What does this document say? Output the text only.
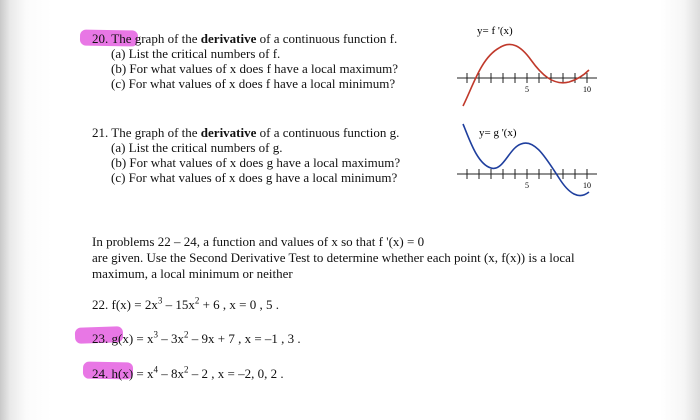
20. The graph of the derivative of a continuous function f.
(a) List the critical numbers of f.
(b) For what values of x does f have a local maximum?
(c) For what values of x does f have a local minimum?
21. The graph of the derivative of a continuous function g.
(a) List the critical numbers of g.
(b) For what values of x does g have a local maximum?
(c) For what values of x does g have a local minimum?
y= f '(x)
5	10
y= g '(x)
5	10
In problems 22 – 24, a function and values of x so that f '(x) = 0
are given. Use the Second Derivative Test to determine whether each point (x, f(x)) is a local
maximum, a local minimum or neither
22. $f(x) = 2x^3 - 15x^2 + 6$ , x = 0 , 5 .
23. $g(x) = x^3 - 3x^2 - 9x + 7$ , x = –1 , 3 .
24. $h(x) = x^4 - 8x^2 - 2$ , x = –2, 0, 2 .
